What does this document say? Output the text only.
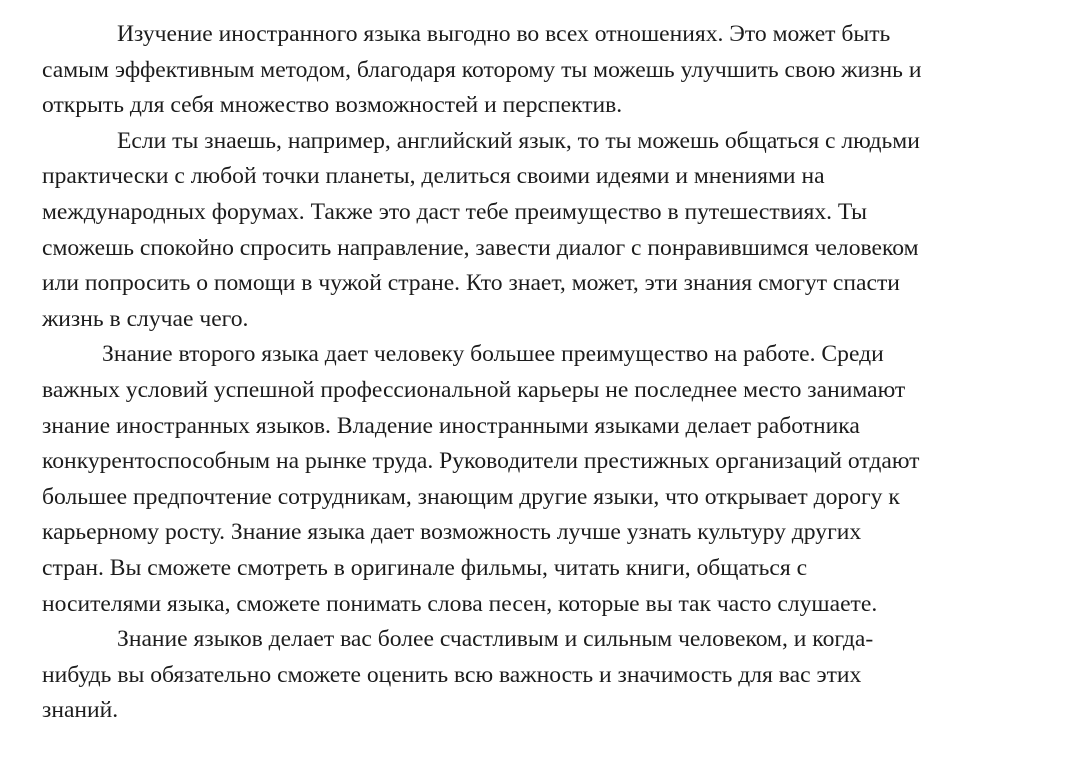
Изучение иностранного языка выгодно во всех отношениях. Это может быть
самым эффективным методом, благодаря которому ты можешь улучшить свою жизнь и
открыть для себя множество возможностей и перспектив.
Если ты знаешь, например, английский язык, то ты можешь общаться с людьми
практически с любой точки планеты, делиться своими идеями и мнениями на
международных форумах. Также это даст тебе преимущество в путешествиях. Ты
сможешь спокойно спросить направление, завести диалог с понравившимся человеком
или попросить о помощи в чужой стране. Кто знает, может, эти знания смогут спасти
жизнь в случае чего.
Знание второго языка дает человеку большее преимущество на работе. Среди
важных условий успешной профессиональной карьеры не последнее место занимают
знание иностранных языков. Владение иностранными языками делает работника
конкурентоспособным на рынке труда. Руководители престижных организаций отдают
большее предпочтение сотрудникам, знающим другие языки, что открывает дорогу к
карьерному росту. Знание языка дает возможность лучше узнать культуру других
стран. Вы сможете смотреть в оригинале фильмы, читать книги, общаться с
носителями языка, сможете понимать слова песен, которые вы так часто слушаете.
Знание языков делает вас более счастливым и сильным человеком, и когда-
нибудь вы обязательно сможете оценить всю важность и значимость для вас этих
знаний.
